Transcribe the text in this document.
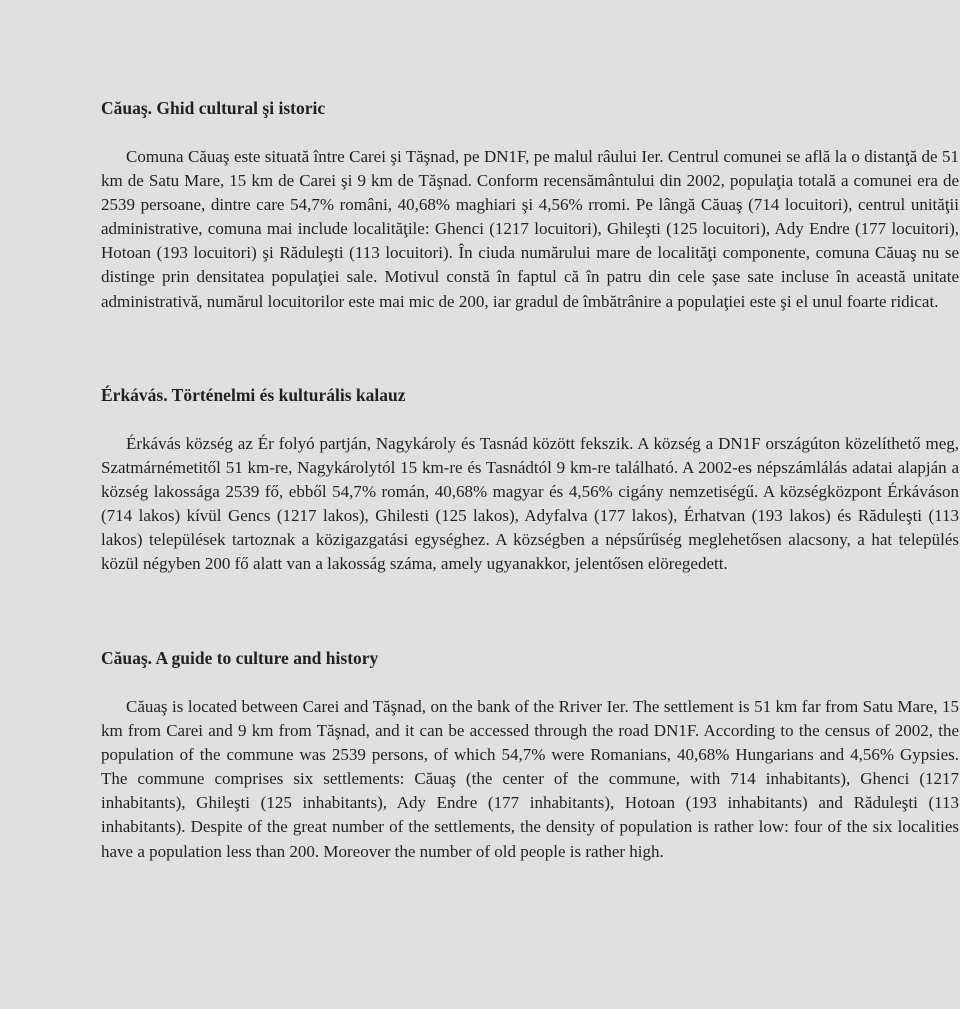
Căuaş. Ghid cultural şi istoric

Comuna Căuaş este situată între Carei şi Tăşnad, pe DN1F, pe malul râului Ier. Centrul comunei se află la o distanţă de 51 km de Satu Mare, 15 km de Carei şi 9 km de Tăşnad. Conform recensământului din 2002, populaţia totală a comunei era de 2539 persoane, dintre care 54,7% români, 40,68% maghiari şi 4,56% rromi. Pe lângă Căuaş (714 locuitori), centrul unităţii administrative, comuna mai include localităţile: Ghenci (1217 locuitori), Ghileşti (125 locuitori), Ady Endre (177 locuitori), Hotoan (193 locuitori) şi Răduleşti (113 locuitori). În ciuda numărului mare de localităţi componente, comuna Căuaş nu se distinge prin densitatea populaţiei sale. Motivul constă în faptul că în patru din cele şase sate incluse în această unitate administrativă, numărul locuitorilor este mai mic de 200, iar gradul de îmbătrânire a populaţiei este şi el unul foarte ridicat.

Érkávás. Történelmi és kulturális kalauz

Érkávás község az Ér folyó partján, Nagykároly és Tasnád között fekszik. A község a DN1F országúton közelíthető meg, Szatmárnémetitől 51 km-re, Nagykárolytól 15 km-re és Tasnádtól 9 km-re található. A 2002-es népszámlálás adatai alapján a község lakossága 2539 fő, ebből 54,7% román, 40,68% magyar és 4,56% cigány nemzetiségű. A községközpont Érkáváson (714 lakos) kívül Gencs (1217 lakos), Ghilesti (125 lakos), Adyfalva (177 lakos), Érhatvan (193 lakos) és Răduleşti (113 lakos) települések tartoznak a közigazgatási egységhez. A községben a népsűrűség meglehetősen alacsony, a hat település közül négyben 200 fő alatt van a lakosság száma, amely ugyanakkor, jelentősen elöregedett.

Căuaş. A guide to culture and history

Căuaş is located between Carei and Tăşnad, on the bank of the Rriver Ier. The settlement is 51 km far from Satu Mare, 15 km from Carei and 9 km from Tăşnad, and it can be accessed through the road DN1F. According to the census of 2002, the population of the commune was 2539 persons, of which 54,7% were Romanians, 40,68% Hungarians and 4,56% Gypsies. The commune comprises six settlements: Căuaş (the center of the commune, with 714 inhabitants), Ghenci (1217 inhabitants), Ghileşti (125 inhabitants), Ady Endre (177 inhabitants), Hotoan (193 inhabitants) and Răduleşti (113 inhabitants). Despite of the great number of the settlements, the density of population is rather low: four of the six localities have a population less than 200. Moreover the number of old people is rather high.
